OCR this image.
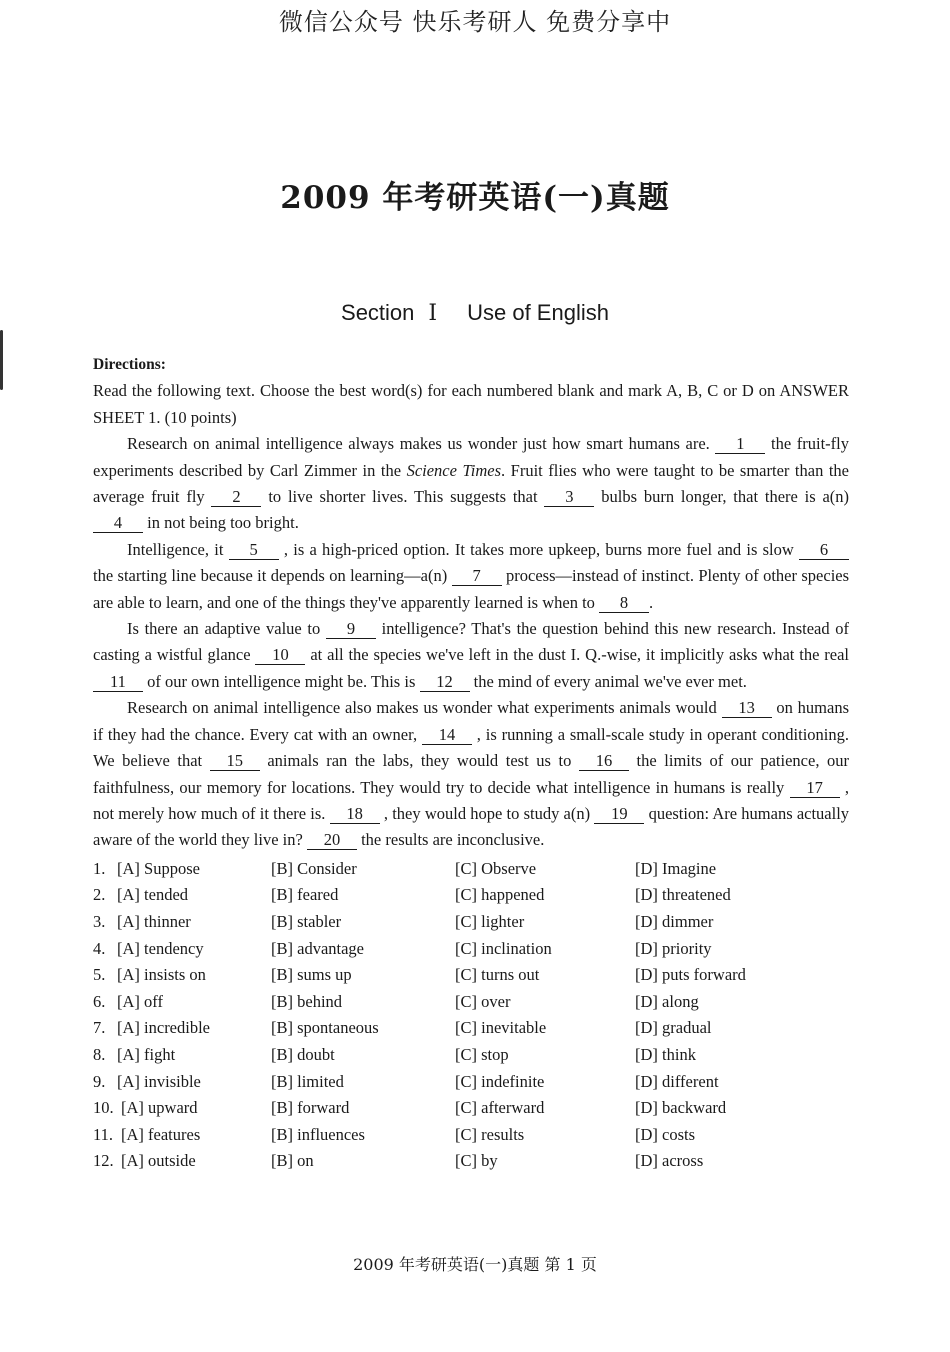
微信公众号 快乐考研人 免费分享中
2009 年考研英语(一)真题
Section Ⅰ Use of English
Directions:

Read the following text. Choose the best word(s) for each numbered blank and mark A, B, C or D on ANSWER SHEET 1. (10 points)

Research on animal intelligence always makes us wonder just how smart humans are. 1 the fruit-fly experiments described by Carl Zimmer in the Science Times. Fruit flies who were taught to be smarter than the average fruit fly 2 to live shorter lives. This suggests that 3 bulbs burn longer, that there is a(n) 4 in not being too bright.

Intelligence, it 5 , is a high-priced option. It takes more upkeep, burns more fuel and is slow 6 the starting line because it depends on learning—a(n) 7 process—instead of instinct. Plenty of other species are able to learn, and one of the things they've apparently learned is when to 8 .

Is there an adaptive value to 9 intelligence? That's the question behind this new research. Instead of casting a wistful glance 10 at all the species we've left in the dust I. Q.-wise, it implicitly asks what the real 11 of our own intelligence might be. This is 12 the mind of every animal we've ever met.

Research on animal intelligence also makes us wonder what experiments animals would 13 on humans if they had the chance. Every cat with an owner, 14 , is running a small-scale study in operant conditioning. We believe that 15 animals ran the labs, they would test us to 16 the limits of our patience, our faithfulness, our memory for locations. They would try to decide what intelligence in humans is really 17 , not merely how much of it there is. 18 , they would hope to study a(n) 19 question: Are humans actually aware of the world they live in? 20 the results are inconclusive.

1. [A] Suppose	[B] Consider	[C] Observe	[D] Imagine
2. [A] tended	[B] feared	[C] happened	[D] threatened
3. [A] thinner	[B] stabler	[C] lighter	[D] dimmer
4. [A] tendency	[B] advantage	[C] inclination	[D] priority
5. [A] insists on	[B] sums up	[C] turns out	[D] puts forward
6. [A] off	[B] behind	[C] over	[D] along
7. [A] incredible	[B] spontaneous	[C] inevitable	[D] gradual
8. [A] fight	[B] doubt	[C] stop	[D] think
9. [A] invisible	[B] limited	[C] indefinite	[D] different
10. [A] upward	[B] forward	[C] afterward	[D] backward
11. [A] features	[B] influences	[C] results	[D] costs
12. [A] outside	[B] on	[C] by	[D] across
2009 年考研英语(一)真题 第 1 页
